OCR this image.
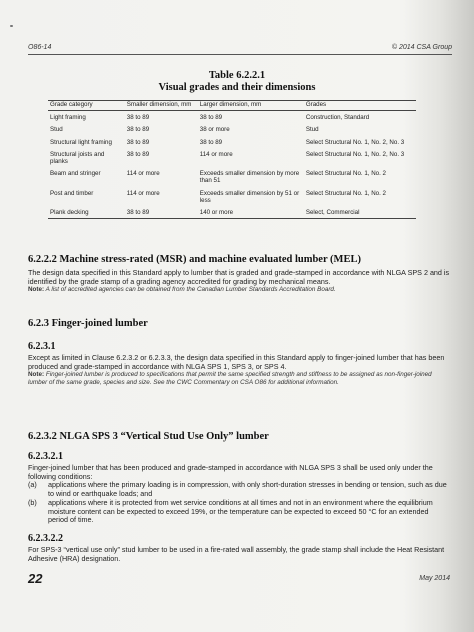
O86-14	© 2014 CSA Group
Table 6.2.2.1
Visual grades and their dimensions
Grade category	Smaller dimension, mm	Larger dimension, mm	Grades
Light framing	38 to 89	38 to 89	Construction, Standard
Stud	38 to 89	38 or more	Stud
Structural light framing	38 to 89	38 to 89	Select Structural No. 1, No. 2, No. 3
Structural joists and planks	38 to 89	114 or more	Select Structural No. 1, No. 2, No. 3
Beam and stringer	114 or more	Exceeds smaller dimension by more than 51	Select Structural No. 1, No. 2
Post and timber	114 or more	Exceeds smaller dimension by 51 or less	Select Structural No. 1, No. 2
Plank decking	38 to 89	140 or more	Select, Commercial
6.2.2.2 Machine stress-rated (MSR) and machine evaluated lumber (MEL)
The design data specified in this Standard apply to lumber that is graded and grade-stamped in accordance with NLGA SPS 2 and is identified by the grade stamp of a grading agency accredited for grading by mechanical means.
Note: A list of accredited agencies can be obtained from the Canadian Lumber Standards Accreditation Board.
6.2.3 Finger-joined lumber
6.2.3.1
Except as limited in Clause 6.2.3.2 or 6.2.3.3, the design data specified in this Standard apply to finger-joined lumber that has been produced and grade-stamped in accordance with NLGA SPS 1, SPS 3, or SPS 4.
Note: Finger-joined lumber is produced to specifications that permit the same specified strength and stiffness to be assigned as non-finger-joined lumber of the same grade, species and size. See the CWC Commentary on CSA O86 for additional information.
6.2.3.2 NLGA SPS 3 “Vertical Stud Use Only” lumber
6.2.3.2.1
Finger-joined lumber that has been produced and grade-stamped in accordance with NLGA SPS 3 shall be used only under the following conditions:
(a) applications where the primary loading is in compression, with only short-duration stresses in bending or tension, such as due to wind or earthquake loads; and
(b) applications where it is protected from wet service conditions at all times and not in an environment where the equilibrium moisture content can be expected to exceed 19%, or the temperature can be expected to exceed 50 °C for an extended period of time.
6.2.3.2.2
For SPS-3 “vertical use only” stud lumber to be used in a fire-rated wall assembly, the grade stamp shall include the Heat Resistant Adhesive (HRA) designation.
22	May 2014
